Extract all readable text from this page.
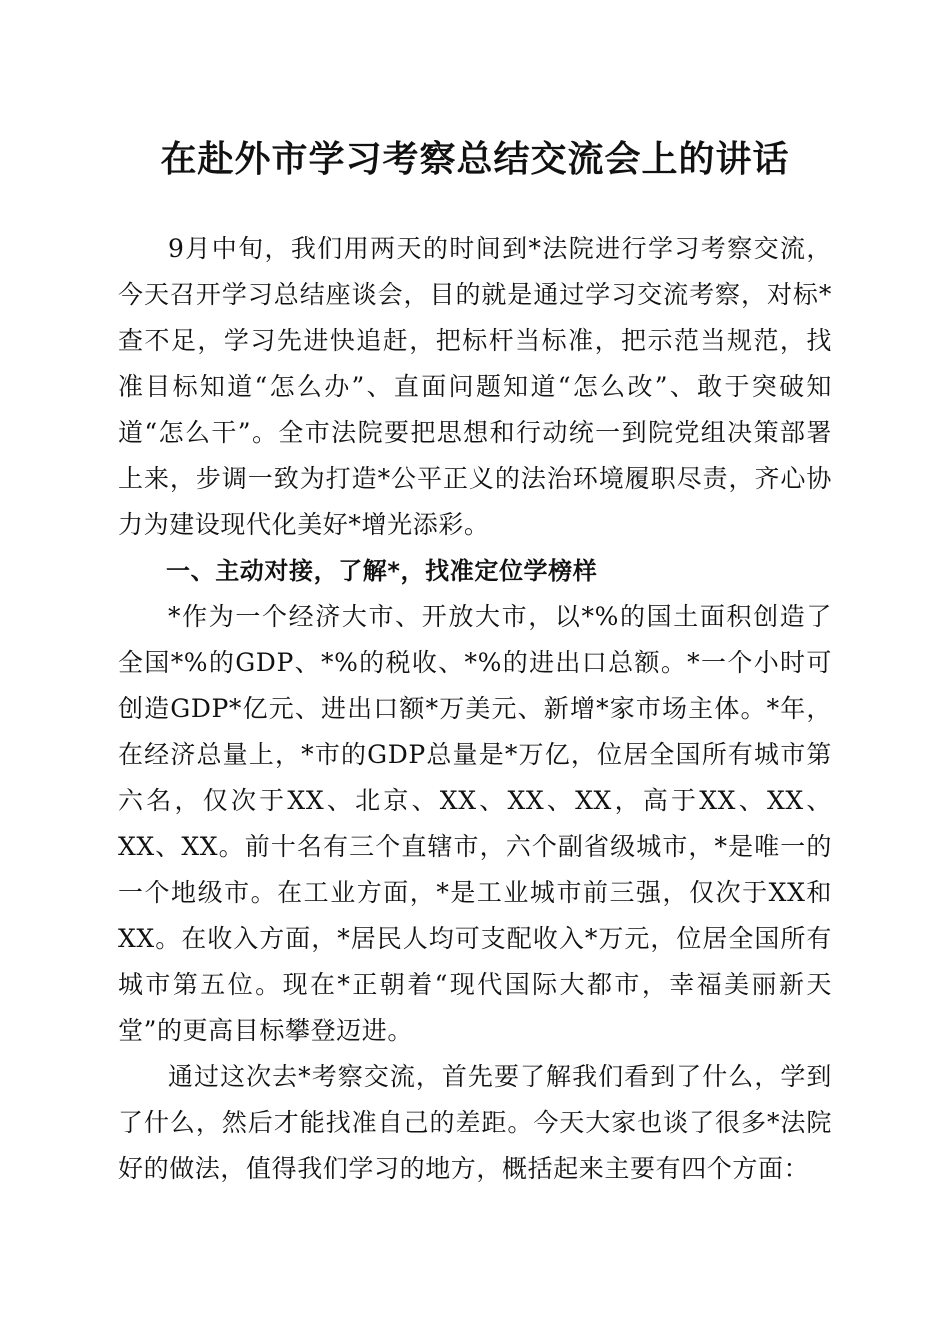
在赴外市学习考察总结交流会上的讲话

9月中旬，我们用两天的时间到*法院进行学习考察交流，今天召开学习总结座谈会，目的就是通过学习交流考察，对标*查不足，学习先进快追赶，把标杆当标准，把示范当规范，找准目标知道“怎么办”、直面问题知道“怎么改”、敢于突破知道“怎么干”。全市法院要把思想和行动统一到院党组决策部署上来，步调一致为打造*公平正义的法治环境履职尽责，齐心协力为建设现代化美好*增光添彩。

一、主动对接，了解*，找准定位学榜样

*作为一个经济大市、开放大市，以*%的国土面积创造了全国*%的GDP、*%的税收、*%的进出口总额。*一个小时可创造GDP*亿元、进出口额*万美元、新增*家市场主体。*年，在经济总量上，*市的GDP总量是*万亿，位居全国所有城市第六名，仅次于XX、北京、XX、XX、XX，高于XX、XX、XX、XX。前十名有三个直辖市，六个副省级城市，*是唯一的一个地级市。在工业方面，*是工业城市前三强，仅次于XX和XX。在收入方面，*居民人均可支配收入*万元，位居全国所有城市第五位。现在*正朝着“现代国际大都市，幸福美丽新天堂”的更高目标攀登迈进。

通过这次去*考察交流，首先要了解我们看到了什么，学到了什么，然后才能找准自己的差距。今天大家也谈了很多*法院好的做法，值得我们学习的地方，概括起来主要有四个方面：
